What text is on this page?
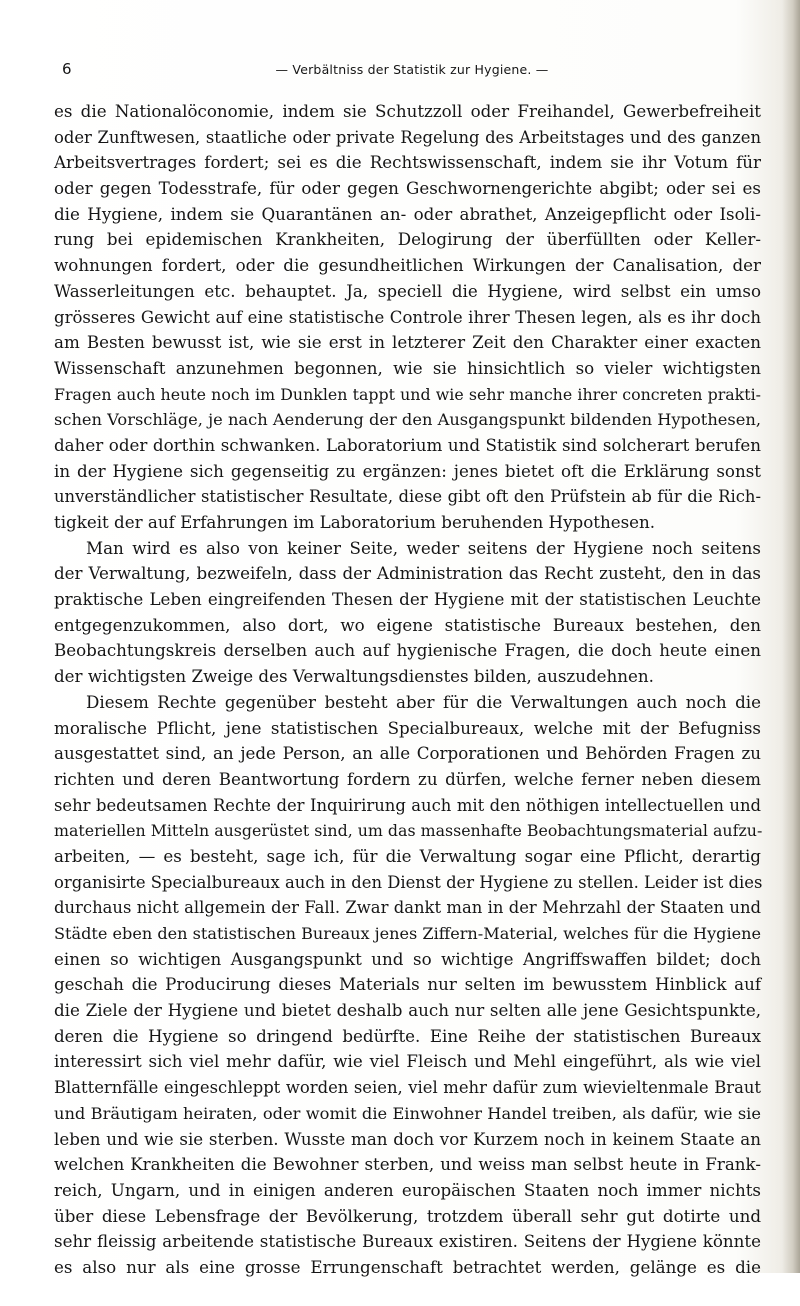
6	— Verbältniss der Statistik zur Hygiene. —
es die Nationalöconomie, indem sie Schutzzoll oder Freihandel, Gewerbefreiheit
oder Zunftwesen, staatliche oder private Regelung des Arbeitstages und des ganzen
Arbeitsvertrages fordert; sei es die Rechtswissenschaft, indem sie ihr Votum für
oder gegen Todesstrafe, für oder gegen Geschwornengerichte abgibt; oder sei es
die Hygiene, indem sie Quarantänen an- oder abrathet, Anzeigepflicht oder Isoli-
rung bei epidemischen Krankheiten, Delogirung der überfüllten oder Keller-
wohnungen fordert, oder die gesundheitlichen Wirkungen der Canalisation, der
Wasserleitungen etc. behauptet. Ja, speciell die Hygiene, wird selbst ein umso
grösseres Gewicht auf eine statistische Controle ihrer Thesen legen, als es ihr doch
am Besten bewusst ist, wie sie erst in letzterer Zeit den Charakter einer exacten
Wissenschaft anzunehmen begonnen, wie sie hinsichtlich so vieler wichtigsten
Fragen auch heute noch im Dunklen tappt und wie sehr manche ihrer concreten prakti-
schen Vorschläge, je nach Aenderung der den Ausgangspunkt bildenden Hypothesen,
daher oder dorthin schwanken. Laboratorium und Statistik sind solcherart berufen
in der Hygiene sich gegenseitig zu ergänzen: jenes bietet oft die Erklärung sonst
unverständlicher statistischer Resultate, diese gibt oft den Prüfstein ab für die Rich-
tigkeit der auf Erfahrungen im Laboratorium beruhenden Hypothesen.
Man wird es also von keiner Seite, weder seitens der Hygiene noch seitens
der Verwaltung, bezweifeln, dass der Administration das Recht zusteht, den in das
praktische Leben eingreifenden Thesen der Hygiene mit der statistischen Leuchte
entgegenzukommen, also dort, wo eigene statistische Bureaux bestehen, den
Beobachtungskreis derselben auch auf hygienische Fragen, die doch heute einen
der wichtigsten Zweige des Verwaltungsdienstes bilden, auszudehnen.
Diesem Rechte gegenüber besteht aber für die Verwaltungen auch noch die
moralische Pflicht, jene statistischen Specialbureaux, welche mit der Befugniss
ausgestattet sind, an jede Person, an alle Corporationen und Behörden Fragen zu
richten und deren Beantwortung fordern zu dürfen, welche ferner neben diesem
sehr bedeutsamen Rechte der Inquirirung auch mit den nöthigen intellectuellen und
materiellen Mitteln ausgerüstet sind, um das massenhafte Beobachtungsmaterial aufzu-
arbeiten, — es besteht, sage ich, für die Verwaltung sogar eine Pflicht, derartig
organisirte Specialbureaux auch in den Dienst der Hygiene zu stellen. Leider ist dies
durchaus nicht allgemein der Fall. Zwar dankt man in der Mehrzahl der Staaten und
Städte eben den statistischen Bureaux jenes Ziffern-Material, welches für die Hygiene
einen so wichtigen Ausgangspunkt und so wichtige Angriffswaffen bildet; doch
geschah die Producirung dieses Materials nur selten im bewusstem Hinblick auf
die Ziele der Hygiene und bietet deshalb auch nur selten alle jene Gesichtspunkte,
deren die Hygiene so dringend bedürfte. Eine Reihe der statistischen Bureaux
interessirt sich viel mehr dafür, wie viel Fleisch und Mehl eingeführt, als wie viel
Blatternfälle eingeschleppt worden seien, viel mehr dafür zum wievieltenmale Braut
und Bräutigam heiraten, oder womit die Einwohner Handel treiben, als dafür, wie sie
leben und wie sie sterben. Wusste man doch vor Kurzem noch in keinem Staate an
welchen Krankheiten die Bewohner sterben, und weiss man selbst heute in Frank-
reich, Ungarn, und in einigen anderen europäischen Staaten noch immer nichts
über diese Lebensfrage der Bevölkerung, trotzdem überall sehr gut dotirte und
sehr fleissig arbeitende statistische Bureaux existiren. Seitens der Hygiene könnte
es also nur als eine grosse Errungenschaft betrachtet werden, gelänge es die
